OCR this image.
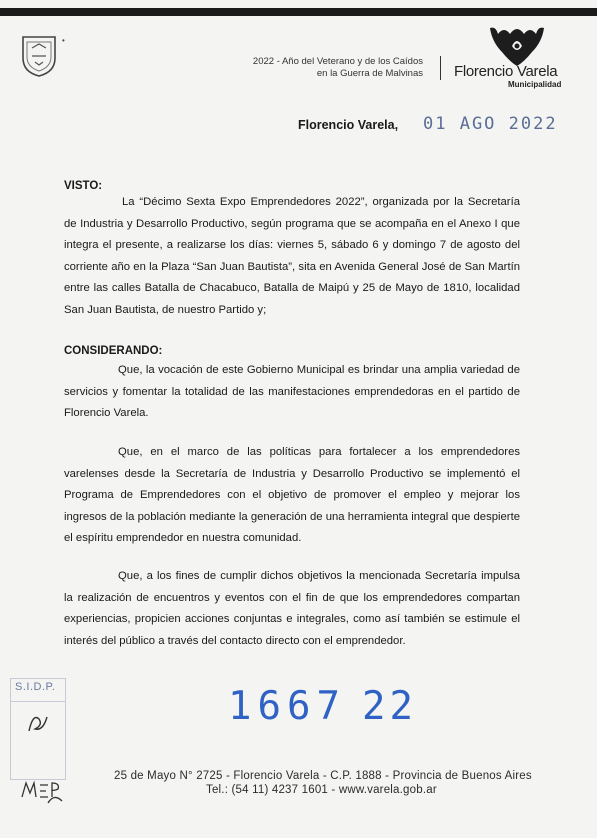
•
2022 - Año del Veterano y de los Caídos
en la Guerra de Malvinas Florencio Varela
Municipalidad
Florencio Varela, 01 AGO 2022
VISTO:
La “Décimo Sexta Expo Emprendedores 2022”, organizada por la Secretaría de Industria y Desarrollo Productivo, según programa que se acompaña en el Anexo I que integra el presente, a realizarse los días: viernes 5, sábado 6 y domingo 7 de agosto del corriente año en la Plaza “San Juan Bautista”, sita en Avenida General José de San Martín entre las calles Batalla de Chacabuco, Batalla de Maipú y 25 de Mayo de 1810, localidad San Juan Bautista, de nuestro Partido y;
CONSIDERANDO:
Que, la vocación de este Gobierno Municipal es brindar una amplia variedad de servicios y fomentar la totalidad de las manifestaciones emprendedoras en el partido de Florencio Varela.
Que, en el marco de las políticas para fortalecer a los emprendedores varelenses desde la Secretaría de Industria y Desarrollo Productivo se implementó el Programa de Emprendedores con el objetivo de promover el empleo y mejorar los ingresos de la población mediante la generación de una herramienta integral que despierte el espíritu emprendedor en nuestra comunidad.
Que, a los fines de cumplir dichos objetivos la mencionada Secretaría impulsa la realización de encuentros y eventos con el fin de que los emprendedores compartan experiencias, propicien acciones conjuntas e integrales, como así también se estimule el interés del público a través del contacto directo con el emprendedor.
S.I.D.P.	1667 22
25 de Mayo N° 2725 - Florencio Varela - C.P. 1888 - Provincia de Buenos Aires
Tel.: (54 11) 4237 1601 - www.varela.gob.ar
